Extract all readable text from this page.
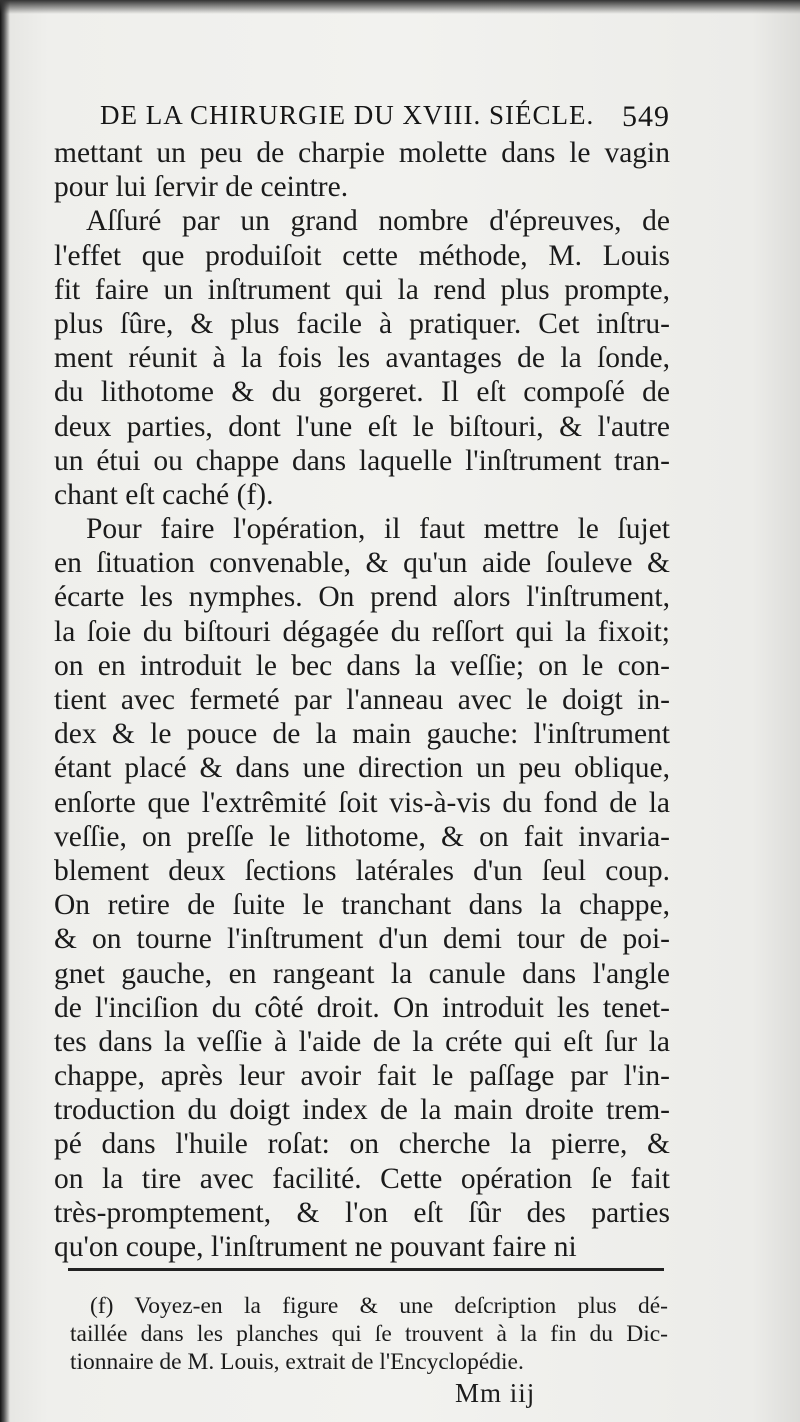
DE LA CHIRURGIE DU XVIII. SIÉCLE. 549
mettant un peu de charpie molette dans le vagin
pour lui ſervir de ceintre.
Aſſuré par un grand nombre d'épreuves, de
l'effet que produiſoit cette méthode, M. Louis
fit faire un inſtrument qui la rend plus prompte,
plus ſûre, & plus facile à pratiquer. Cet inſtru-
ment réunit à la fois les avantages de la ſonde,
du lithotome & du gorgeret. Il eſt compoſé de
deux parties, dont l'une eſt le biſtouri, & l'autre
un étui ou chappe dans laquelle l'inſtrument tran-
chant eſt caché (f).
Pour faire l'opération, il faut mettre le ſujet
en ſituation convenable, & qu'un aide ſouleve &
écarte les nymphes. On prend alors l'inſtrument,
la ſoie du biſtouri dégagée du reſſort qui la fixoit;
on en introduit le bec dans la veſſie; on le con-
tient avec fermeté par l'anneau avec le doigt in-
dex & le pouce de la main gauche: l'inſtrument
étant placé & dans une direction un peu oblique,
enſorte que l'extrêmité ſoit vis-à-vis du fond de la
veſſie, on preſſe le lithotome, & on fait invaria-
blement deux ſections latérales d'un ſeul coup.
On retire de ſuite le tranchant dans la chappe,
& on tourne l'inſtrument d'un demi tour de poi-
gnet gauche, en rangeant la canule dans l'angle
de l'inciſion du côté droit. On introduit les tenet-
tes dans la veſſie à l'aide de la créte qui eſt ſur la
chappe, après leur avoir fait le paſſage par l'in-
troduction du doigt index de la main droite trem-
pé dans l'huile roſat: on cherche la pierre, &
on la tire avec facilité. Cette opération ſe fait
très-promptement, & l'on eſt ſûr des parties
qu'on coupe, l'inſtrument ne pouvant faire ni
(f) Voyez-en la figure & une deſcription plus dé-
taillée dans les planches qui ſe trouvent à la fin du Dic-
tionnaire de M. Louis, extrait de l'Encyclopédie.
Mm iij
